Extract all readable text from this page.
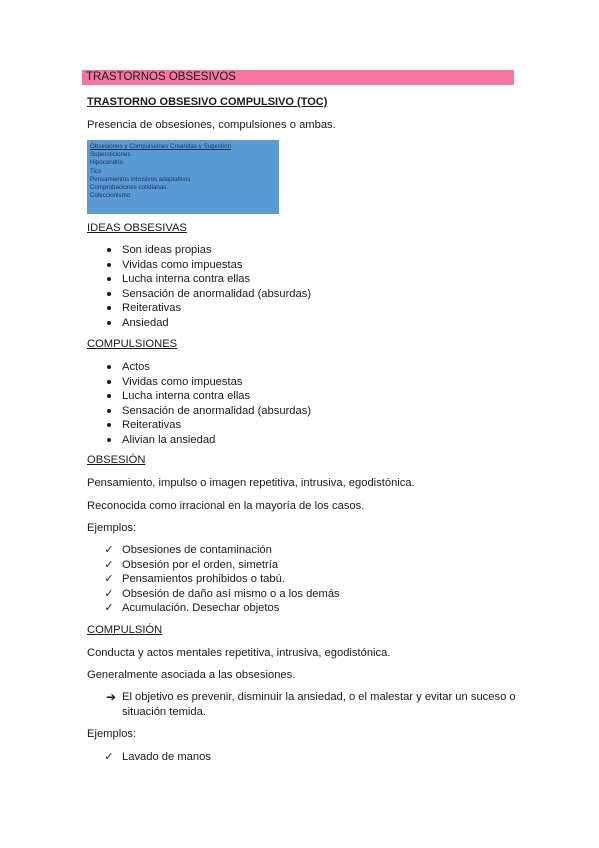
TRASTORNOS OBSESIVOS
TRASTORNO OBSESIVO COMPULSIVO (TOC)
Presencia de obsesiones, compulsiones o ambas.
Obsesiones y Compulsiones Creandas y Sugestión
Supersticiones
Hipocondrio
Tics
Pensamientos intrusivos adaptativos
Comprobaciones cotidianas.
Coleccionismo
IDEAS OBSESIVAS
Son ideas propias
Vividas como impuestas
Lucha interna contra ellas
Sensación de anormalidad (absurdas)
Reiterativas
Ansiedad
COMPULSIONES
Actos
Vividas como impuestas
Lucha interna contra ellas
Sensación de anormalidad (absurdas)
Reiterativas
Alivian la ansiedad
OBSESIÓN
Pensamiento, impulso o imagen repetitiva, intrusiva, egodistónica.
Reconocida como irracional en la mayoría de los casos.
Ejemplos:
✓ Obsesiones de contaminación
✓ Obsesión por el orden, simetría
✓ Pensamientos prohibidos o tabú.
✓ Obsesión de daño así mismo o a los demás
✓ Acumulación. Desechar objetos
COMPULSIÓN
Conducta y actos mentales repetitiva, intrusiva, egodistónica.
Generalmente asociada a las obsesiones.
➔ El objetivo es prevenir, disminuir la ansiedad, o el malestar y evitar un suceso o situación temida.
Ejemplos:
✓ Lavado de manos
